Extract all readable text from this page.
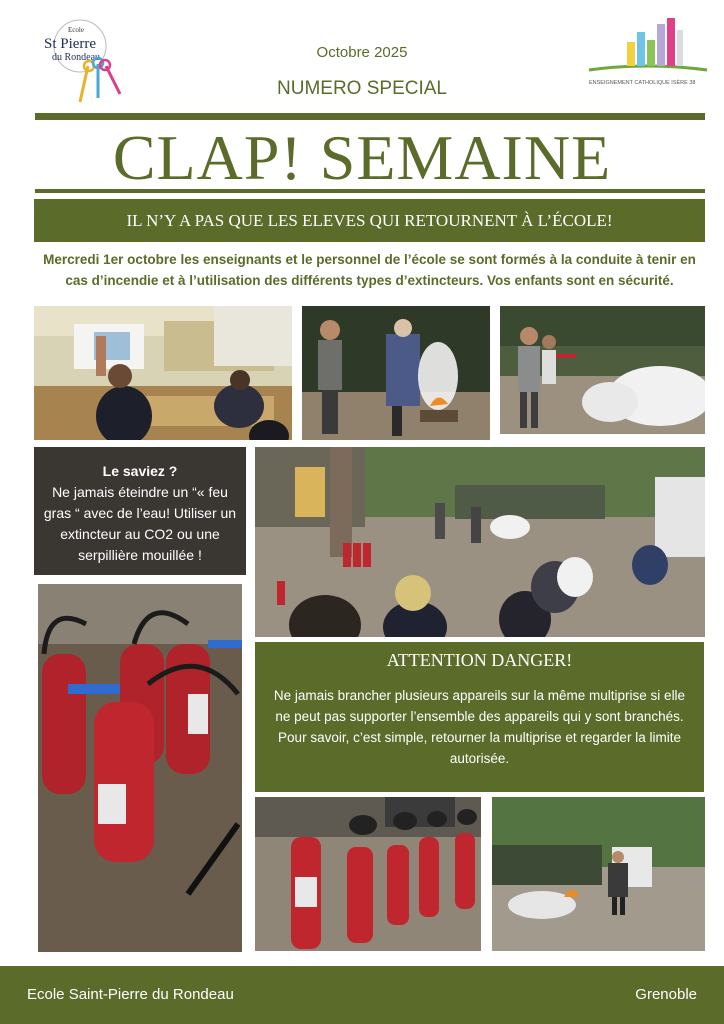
Ecole
St Pierre
du Rondeau
ENSEIGNEMENT CATHOLIQUE ISÈRE 38
Octobre 2025
NUMERO SPECIAL
CLAP! SEMAINE
IL N’Y A PAS QUE LES ELEVES QUI RETOURNENT À L’ÉCOLE!
Mercredi 1er octobre les enseignants et le personnel de l’école se sont formés à la conduite à tenir en cas d’incendie et à l’utilisation des différents types d’extincteurs. Vos enfants sont en sécurité.
Le saviez ?
Ne jamais éteindre un “« feu gras “ avec de l’eau! Utiliser un extincteur au CO2 ou une serpillière mouillée !
ATTENTION DANGER!
Ne jamais brancher plusieurs appareils sur la même multiprise si elle ne peut pas supporter l’ensemble des appareils qui y sont branchés. Pour savoir, c’est simple, retourner la multiprise et regarder la limite autorisée.
Ecole Saint-Pierre du Rondeau	Grenoble
